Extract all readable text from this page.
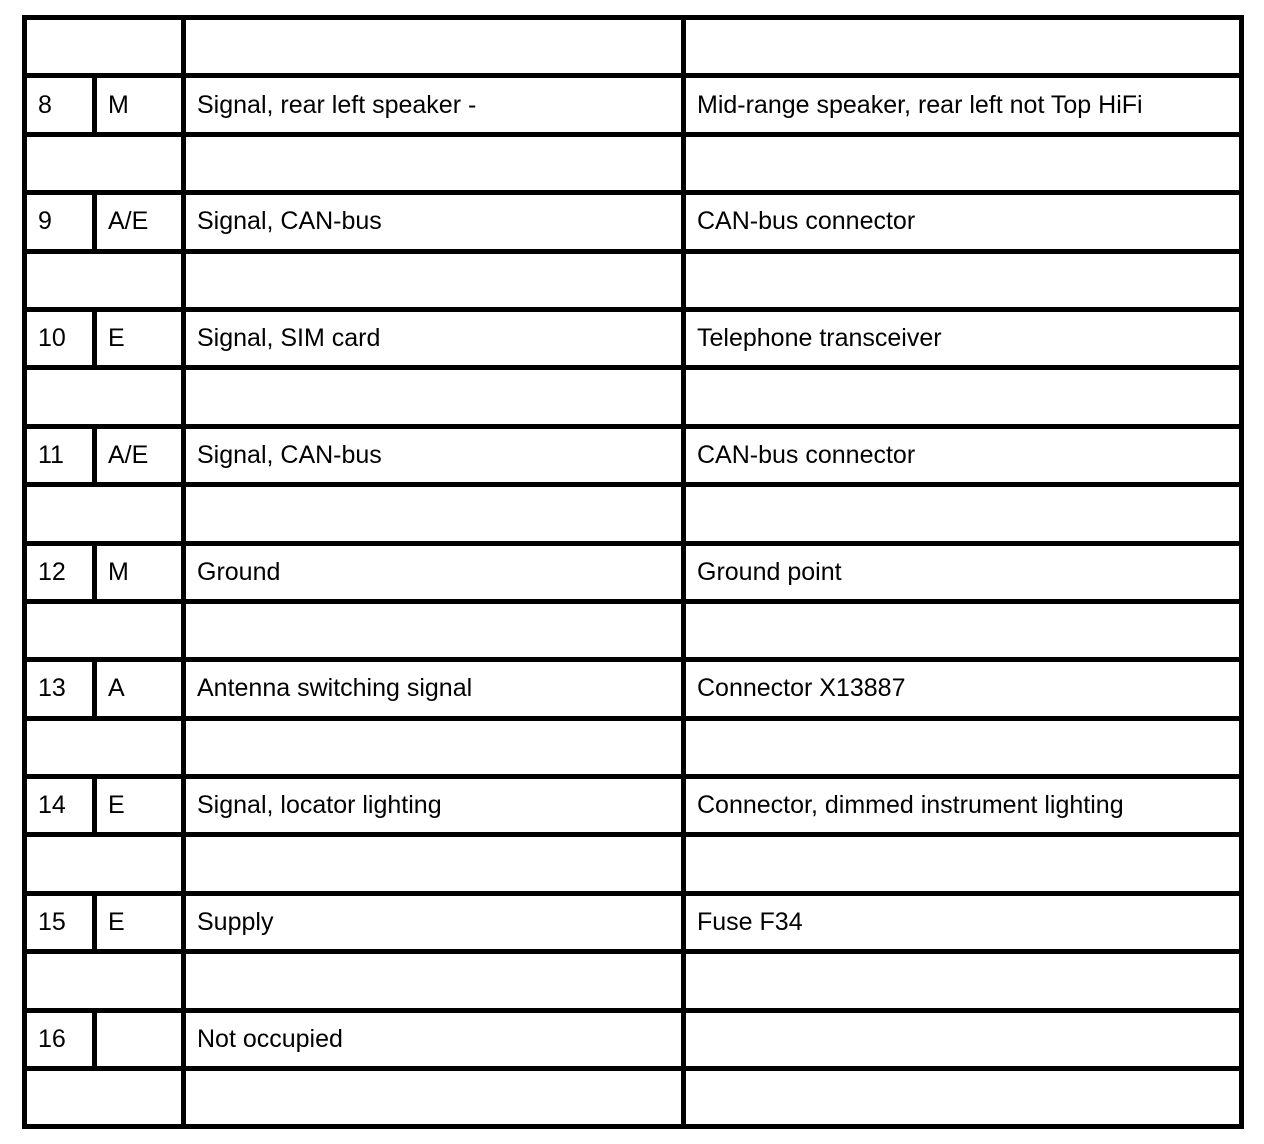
8	M	Signal, rear left speaker -	Mid-range speaker, rear left not Top HiFi

9	A/E	Signal, CAN-bus	CAN-bus connector

10	E	Signal, SIM card	Telephone transceiver

11	A/E	Signal, CAN-bus	CAN-bus connector

12	M	Ground	Ground point

13	A	Antenna switching signal	Connector X13887

14	E	Signal, locator lighting	Connector, dimmed instrument lighting

15	E	Supply	Fuse F34

16		Not occupied	
